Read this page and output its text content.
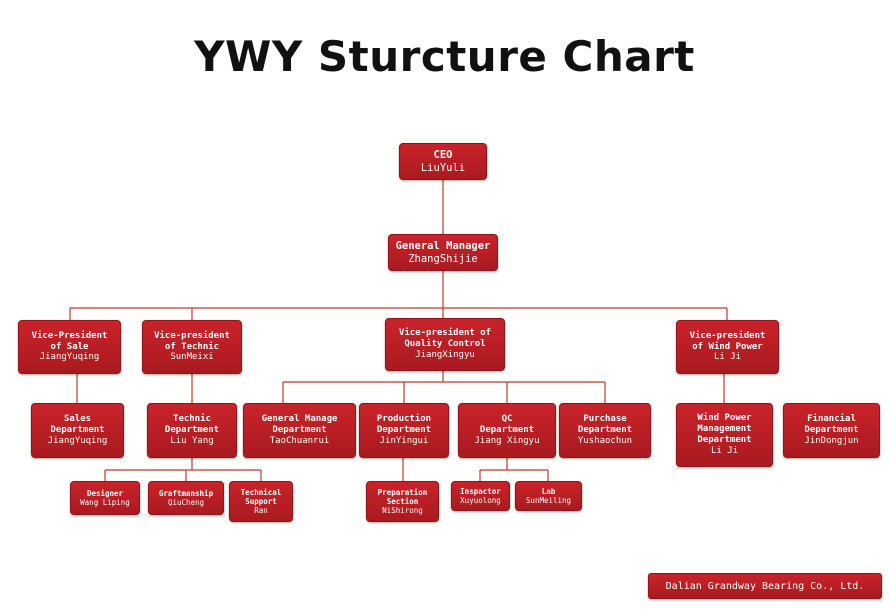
YWY Sturcture Chart
CEO
LiuYuli
General Manager
ZhangShijie
Vice-President
of Sale
JiangYuqing
Vice-president
of Technic
SunMeixi
Vice-president of
Quality Control
JiangXingyu
Vice-president
of Wind Power
Li Ji
Sales
Department
JiangYuqing
Technic
Department
Liu Yang
General Manage
Department
TaoChuanrui
Production
Department
JinYingui
QC
Department
Jiang Xingyu
Purchase
Department
Yushaochun
Wind Power
Management
Department
Li Ji
Financial
Department
JinDongjun
Designer
Wang Liping
Graftmanship
QiuCheng
Technical
Support
Ran
Preparation
Section
NiShirong
Inspactor
Xuyuolong
Lab
SunMeiling
Dalian Grandway Bearing Co., Ltd.
